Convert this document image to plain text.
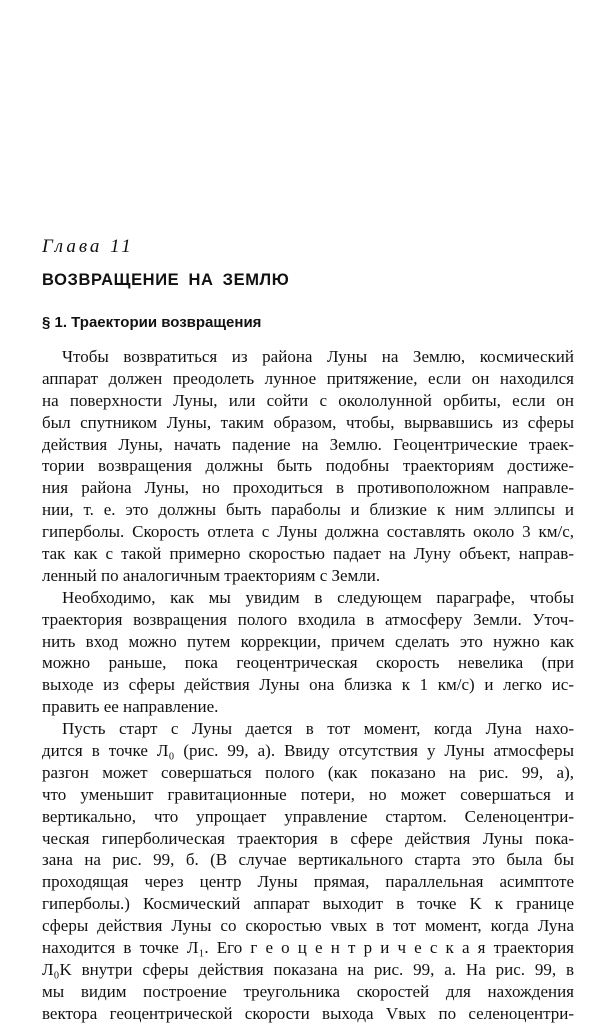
Глава 11
ВОЗВРАЩЕНИЕ НА ЗЕМЛЮ
§ 1. Траектории возвращения
Чтобы возвратиться из района Луны на Землю, космический
аппарат должен преодолеть лунное притяжение, если он находился
на поверхности Луны, или сойти с окололунной орбиты, если он
был спутником Луны, таким образом, чтобы, вырвавшись из сферы
действия Луны, начать падение на Землю. Геоцентрические траек-
тории возвращения должны быть подобны траекториям достиже-
ния района Луны, но проходиться в противоположном направле-
нии, т. е. это должны быть параболы и близкие к ним эллипсы и
гиперболы. Скорость отлета с Луны должна составлять около 3 км/с,
так как с такой примерно скоростью падает на Луну объект, направ-
ленный по аналогичным траекториям с Земли.
Необходимо, как мы увидим в следующем параграфе, чтобы
траектория возвращения полого входила в атмосферу Земли. Уточ-
нить вход можно путем коррекции, причем сделать это нужно как
можно раньше, пока геоцентрическая скорость невелика (при
выходе из сферы действия Луны она близка к 1 км/с) и легко ис-
править ее направление.
Пусть старт с Луны дается в тот момент, когда Луна нахо-
дится в точке Л₀ (рис. 99, а). Ввиду отсутствия у Луны атмосферы
разгон может совершаться полого (как показано на рис. 99, а),
что уменьшит гравитационные потери, но может совершаться и
вертикально, что упрощает управление стартом. Селеноцентри-
ческая гиперболическая траектория в сфере действия Луны пока-
зана на рис. 99, б. (В случае вертикального старта это была бы
проходящая через центр Луны прямая, параллельная асимптоте
гиперболы.) Космический аппарат выходит в точке K к границе
сферы действия Луны со скоростью vвых в тот момент, когда Луна
находится в точке Л₁. Его г е о ц е н т р и ч е с к а я траектория
Л₀K внутри сферы действия показана на рис. 99, а. На рис. 99, в
мы видим построение треугольника скоростей для нахождения
вектора геоцентрической скорости выхода Vвых по селеноцентри-
